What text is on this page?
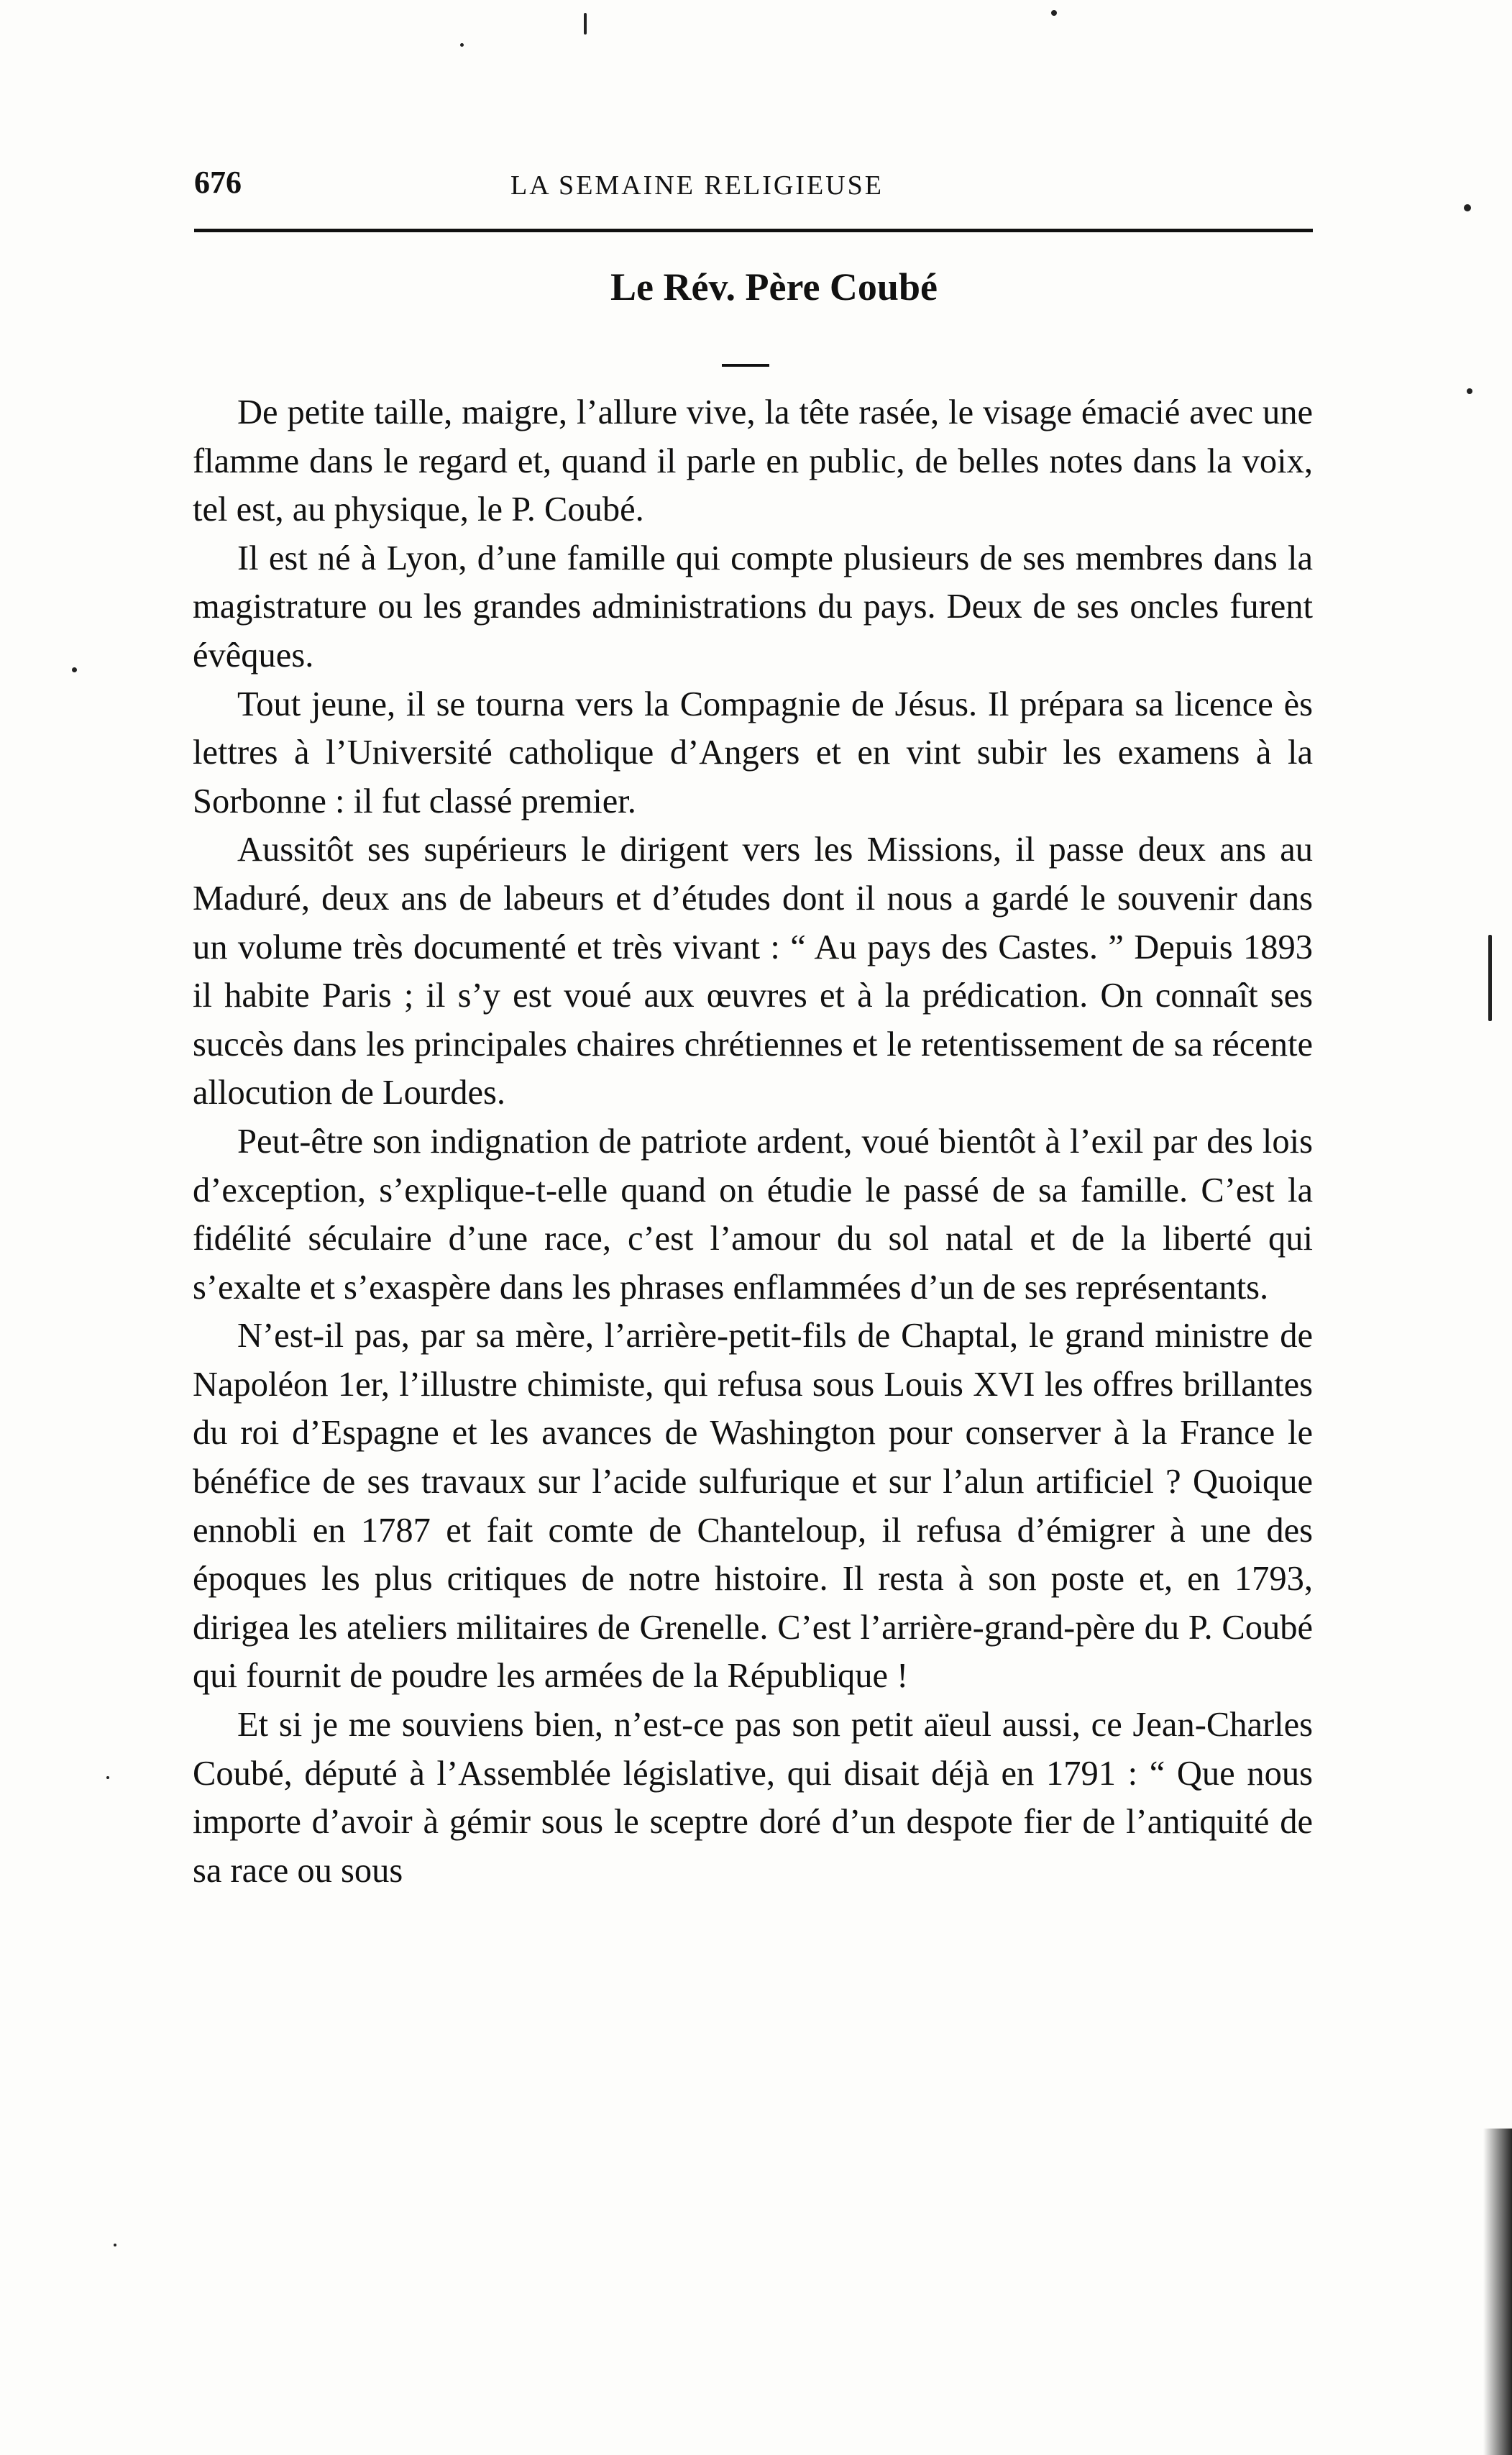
676	LA SEMAINE RELIGIEUSE
Le Rév. Père Coubé

De petite taille, maigre, l’allure vive, la tête rasée, le visage émacié avec une flamme dans le regard et, quand il parle en public, de belles notes dans la voix, tel est, au physique, le P. Coubé.

Il est né à Lyon, d’une famille qui compte plusieurs de ses membres dans la magistrature ou les grandes administrations du pays. Deux de ses oncles furent évêques.

Tout jeune, il se tourna vers la Compagnie de Jésus. Il prépara sa licence ès lettres à l’Université catholique d’Angers et en vint subir les examens à la Sorbonne : il fut classé premier.

Aussitôt ses supérieurs le dirigent vers les Missions, il passe deux ans au Maduré, deux ans de labeurs et d’études dont il nous a gardé le souvenir dans un volume très documenté et très vivant : “ Au pays des Castes. ” Depuis 1893 il habite Paris ; il s’y est voué aux œuvres et à la prédication. On connaît ses succès dans les principales chaires chrétiennes et le retentissement de sa récente allocution de Lourdes.

Peut-être son indignation de patriote ardent, voué bientôt à l’exil par des lois d’exception, s’explique-t-elle quand on étudie le passé de sa famille. C’est la fidélité séculaire d’une race, c’est l’amour du sol natal et de la liberté qui s’exalte et s’exaspère dans les phrases enflammées d’un de ses représentants.

N’est-il pas, par sa mère, l’arrière-petit-fils de Chaptal, le grand ministre de Napoléon 1er, l’illustre chimiste, qui refusa sous Louis XVI les offres brillantes du roi d’Espagne et les avances de Washington pour conserver à la France le bénéfice de ses travaux sur l’acide sulfurique et sur l’alun artificiel ? Quoique ennobli en 1787 et fait comte de Chanteloup, il refusa d’émigrer à une des époques les plus critiques de notre histoire. Il resta à son poste et, en 1793, dirigea les ateliers militaires de Grenelle. C’est l’arrière-grand-père du P. Coubé qui fournit de poudre les armées de la République !

Et si je me souviens bien, n’est-ce pas son petit aïeul aussi, ce Jean-Charles Coubé, député à l’Assemblée législative, qui disait déjà en 1791 : “ Que nous importe d’avoir à gémir sous le sceptre doré d’un despote fier de l’antiquité de sa race ou sous
